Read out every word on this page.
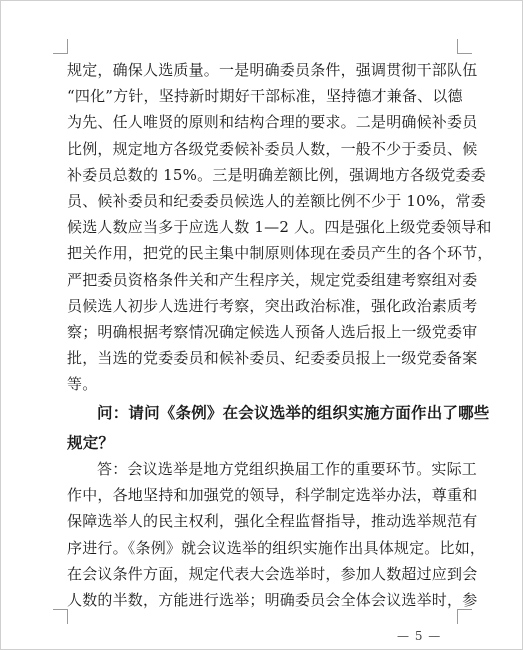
规定，确保人选质量。一是明确委员条件，强调贯彻干部队伍
“四化”方针，坚持新时期好干部标准，坚持德才兼备、以德
为先、任人唯贤的原则和结构合理的要求。二是明确候补委员
比例，规定地方各级党委候补委员人数，一般不少于委员、候
补委员总数的 15%。三是明确差额比例，强调地方各级党委委
员、候补委员和纪委委员候选人的差额比例不少于 10%，常委
候选人数应当多于应选人数 1—2 人。四是强化上级党委领导和
把关作用，把党的民主集中制原则体现在委员产生的各个环节，
严把委员资格条件关和产生程序关，规定党委组建考察组对委
员候选人初步人选进行考察，突出政治标准，强化政治素质考
察；明确根据考察情况确定候选人预备人选后报上一级党委审
批，当选的党委委员和候补委员、纪委委员报上一级党委备案
等。
问：请问《条例》在会议选举的组织实施方面作出了哪些
规定？
答：会议选举是地方党组织换届工作的重要环节。实际工
作中，各地坚持和加强党的领导，科学制定选举办法，尊重和
保障选举人的民主权利，强化全程监督指导，推动选举规范有
序进行。《条例》就会议选举的组织实施作出具体规定。比如，
在会议条件方面，规定代表大会选举时，参加人数超过应到会
人数的半数，方能进行选举；明确委员会全体会议选举时，参
— 5 —
